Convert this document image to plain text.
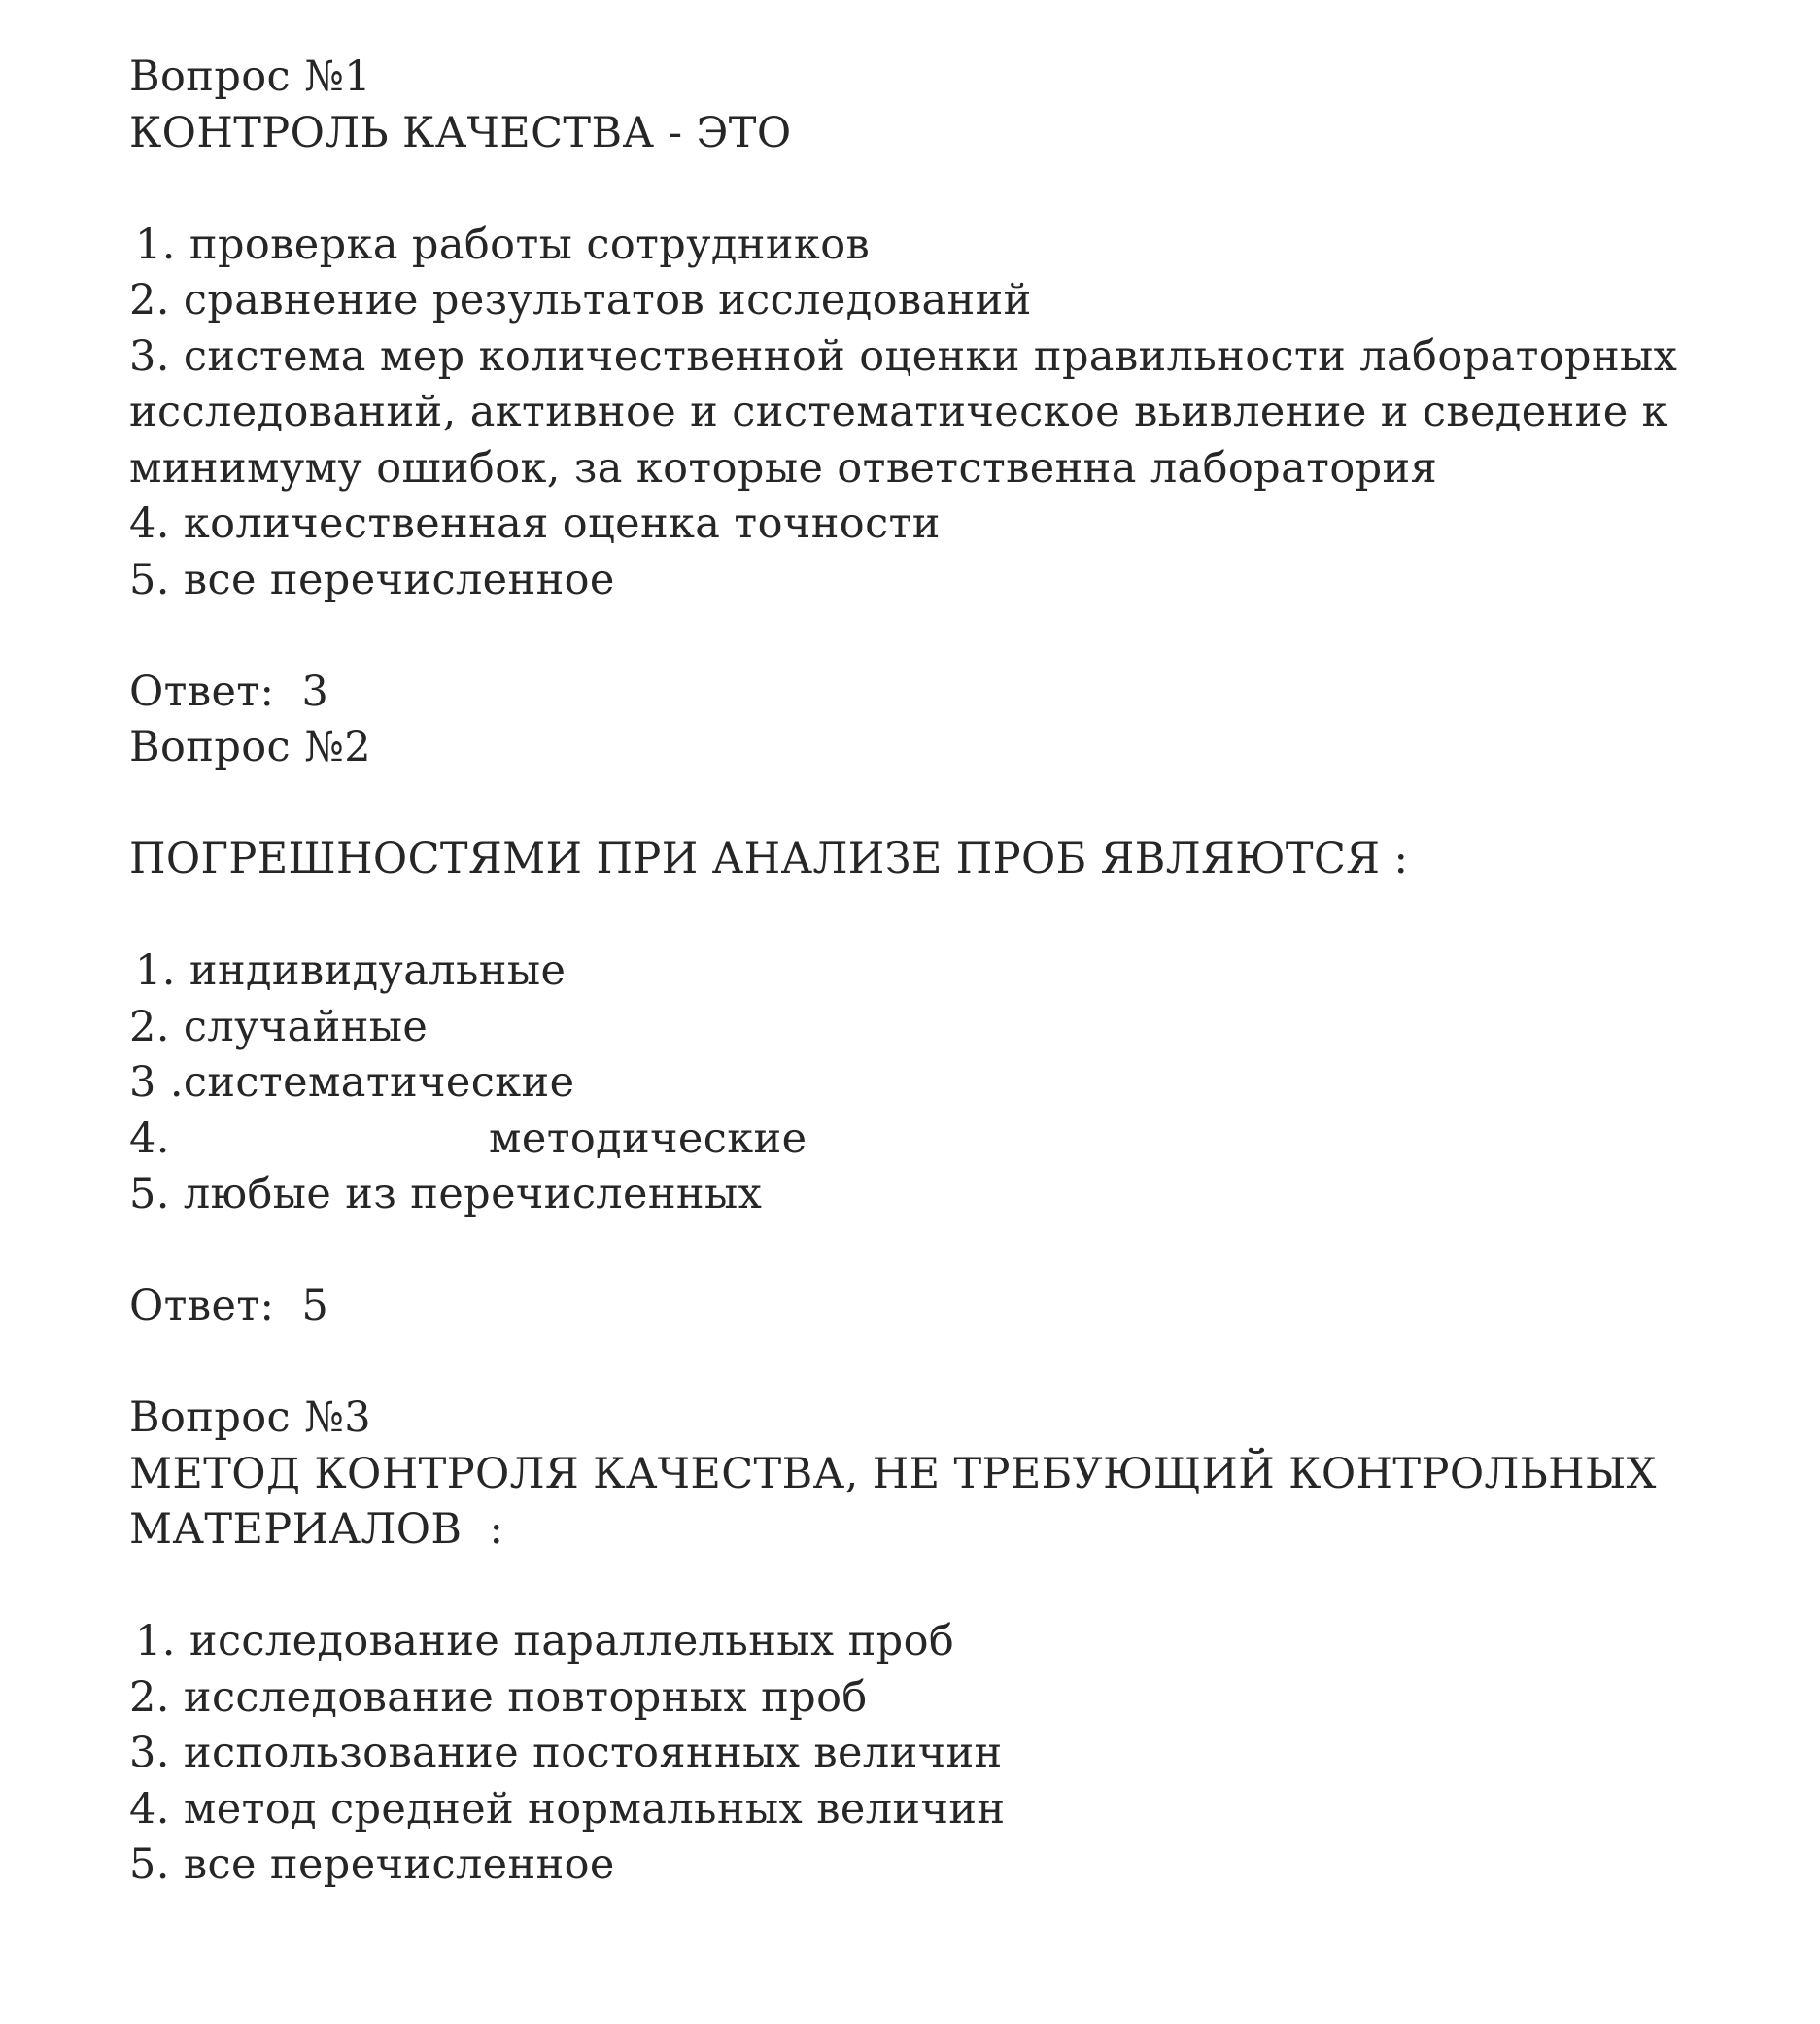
Вопрос №1
КОНТРОЛЬ КАЧЕСТВА - ЭТО
1. проверка работы сотрудников
2. сравнение результатов исследований
3. система мер количественной оценки правильности лабораторных
исследований, активное и систематическое вьивление и сведение к
минимуму ошибок, за которые ответственна лаборатория
4. количественная оценка точности
5. все перечисленное
Ответ:  3
Вопрос №2
ПОГРЕШНОСТЯМИ ПРИ АНАЛИЗЕ ПРОБ ЯВЛЯЮТСЯ :
1. индивидуальные
2. случайные
3 .систематические
4.	методические
5. любые из перечисленных
Ответ:  5
Вопрос №3
МЕТОД КОНТРОЛЯ КАЧЕСТВА, НЕ ТРЕБУЮЩИЙ КОНТРОЛЬНЫХ
МАТЕРИАЛОВ  :
1. исследование параллельных проб
2. исследование повторных проб
3. использование постоянных величин
4. метод средней нормальных величин
5. все перечисленное
